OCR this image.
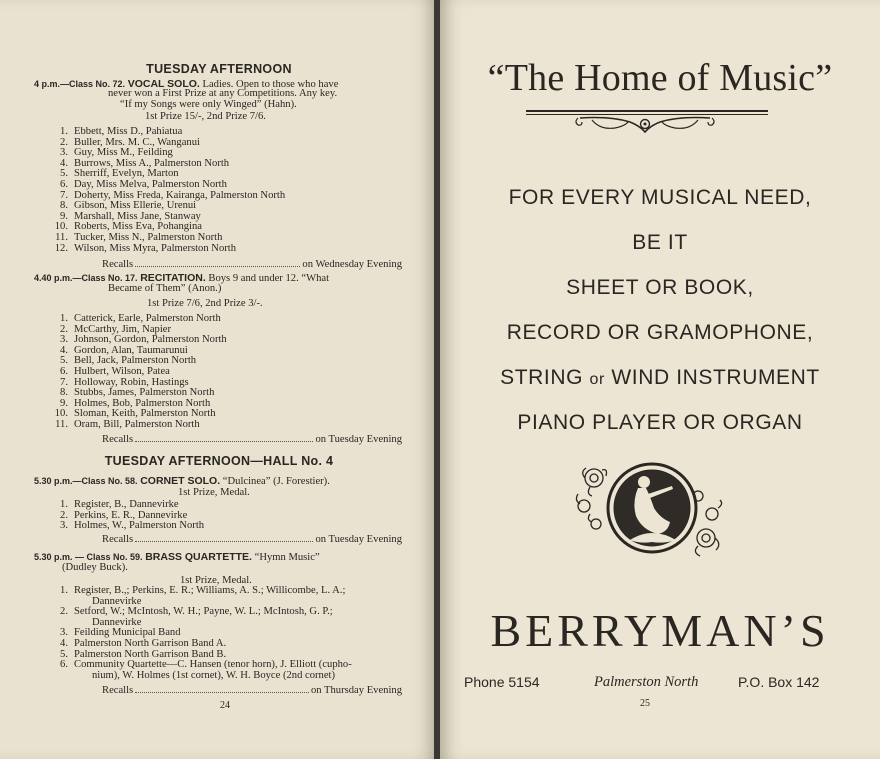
TUESDAY AFTERNOON
4 p.m.—Class No. 72. VOCAL SOLO. Ladies. Open to those who have
never won a First Prize at any Competitions. Any key.
“If my Songs were only Winged” (Hahn).
1st Prize 15/-, 2nd Prize 7/6.
1. Ebbett, Miss D., Pahiatua
2. Buller, Mrs. M. C., Wanganui
3. Guy, Miss M., Feilding
4. Burrows, Miss A., Palmerston North
5. Sherriff, Evelyn, Marton
6. Day, Miss Melva, Palmerston North
7. Doherty, Miss Freda, Kairanga, Palmerston North
8. Gibson, Miss Ellerie, Urenui
9. Marshall, Miss Jane, Stanway
10. Roberts, Miss Eva, Pohangina
11. Tucker, Miss N., Palmerston North
12. Wilson, Miss Myra, Palmerston North
Recalls	on Wednesday Evening
4.40 p.m.—Class No. 17. RECITATION. Boys 9 and under 12. “What
Became of Them” (Anon.)
1st Prize 7/6, 2nd Prize 3/-.
1. Catterick, Earle, Palmerston North
2. McCarthy, Jim, Napier
3. Johnson, Gordon, Palmerston North
4. Gordon, Alan, Taumarunui
5. Bell, Jack, Palmerston North
6. Hulbert, Wilson, Patea
7. Holloway, Robin, Hastings
8. Stubbs, James, Palmerston North
9. Holmes, Bob, Palmerston North
10. Sloman, Keith, Palmerston North
11. Oram, Bill, Palmerston North
Recalls	on Tuesday Evening
TUESDAY AFTERNOON—HALL No. 4
5.30 p.m.—Class No. 58. CORNET SOLO. “Dulcinea” (J. Forestier).
1st Prize, Medal.
1. Register, B., Dannevirke
2. Perkins, E. R., Dannevirke
3. Holmes, W., Palmerston North
Recalls	on Tuesday Evening
5.30 p.m. — Class No. 59. BRASS QUARTETTE. “Hymn Music”
(Dudley Buck).
1st Prize, Medal.
1. Register, B.,; Perkins, E. R.; Williams, A. S.; Willicombe, L. A.;
Dannevirke
2. Setford, W.; McIntosh, W. H.; Payne, W. L.; McIntosh, G. P.;
Dannevirke
3. Feilding Municipal Band
4. Palmerston North Garrison Band A.
5. Palmerston North Garrison Band B.
6. Community Quartette—C. Hansen (tenor horn), J. Elliott (cupho-
nium), W. Holmes (1st cornet), W. H. Boyce (2nd cornet)
Recalls	on Thursday Evening
24
“The Home of Music”
FOR EVERY MUSICAL NEED,
BE IT
SHEET OR BOOK,
RECORD OR GRAMOPHONE,
STRING or WIND INSTRUMENT
PIANO PLAYER OR ORGAN
BERRYMAN’S
Phone 5154	Palmerston North	P.O. Box 142
25
